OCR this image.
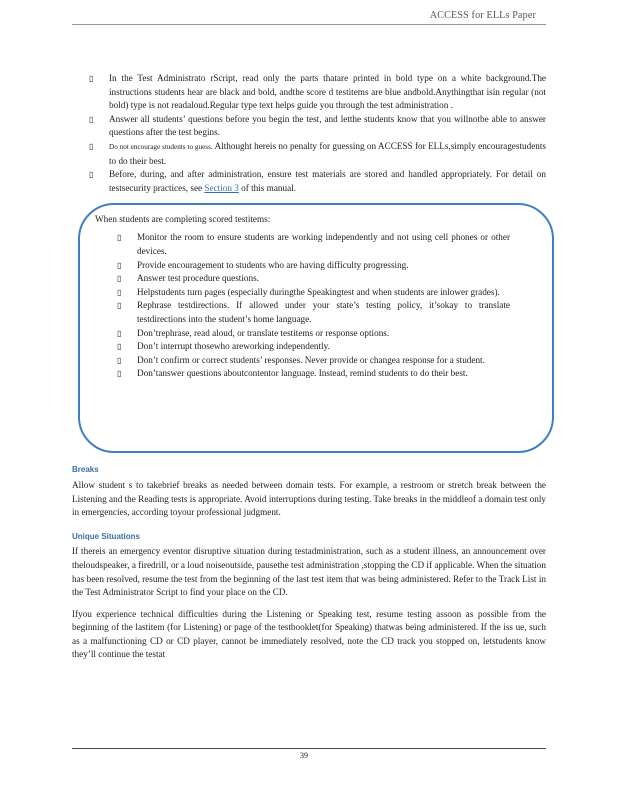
ACCESS for ELLs Paper
▯ In the Test Administrato rScript, read only the parts thatare printed in bold type on a white background.The instructions students hear are black and bold, andthe score d testitems are blue andbold.Anythingthat isin regular (not bold) type is not readaloud.Regular type text helps guide you through the test administration .
▯ Answer all students’ questions before you begin the test, and letthe students know that you willnotbe able to answer questions after the test begins.
▯ Do not encourage students to guess. Althought hereis no penalty for guessing on ACCESS for ELLs,simply encouragestudents to do their best.
▯ Before, during, and after administration, ensure test materials are stored and handled appropriately. For detail on testsecurity practices, see Section 3 of this manual.
When students are completing scored testitems:
▯ Monitor the room to ensure students are working independently and not using cell phones or other devices.
▯ Provide encouragement to students who are having difficulty progressing.
▯ Answer test procedure questions.
▯ Helpstudents turn pages (especially duringthe Speakingtest and when students are inlower grades).
▯ Rephrase testdirections. If allowed under your state’s testing policy, it’sokay to translate testdirections into the student’s home language.
▯ Don’trephrase, read aloud, or translate testitems or response options.
▯ Don’t interrupt thosewho areworking independently.
▯ Don’t confirm or correct students’ responses. Never provide or changea response for a student.
▯ Don’tanswer questions aboutcontentor language. Instead, remind students to do their best.
Breaks

Allow student s to takebrief breaks as needed between domain tests. For example, a restroom or stretch break between the Listening and the Reading tests is appropriate. Avoid interruptions during testing. Take breaks in the middleof a domain test only in emergencies, according toyour professional judgment.

Unique Situations

If thereis an emergency eventor disruptive situation during testadministration, such as a student illness, an announcement over theloudspeaker, a firedrill, or a loud noiseoutside, pausethe test administration ,stopping the CD if applicable. When the situation has been resolved, resume the test from the beginning of the last test item that was being administered. Refer to the Track List in the Test Administrator Script to find your place on the CD.

Ifyou experience technical difficulties during the Listening or Speaking test, resume testing assoon as possible from the beginning of the lastitem (for Listening) or page of the testbooklet(for Speaking) thatwas being administered. If the iss ue, such as a malfunctioning CD or CD player, cannot be immediately resolved, note the CD track you stopped on, letstudents know they’ll continue the testat

39
